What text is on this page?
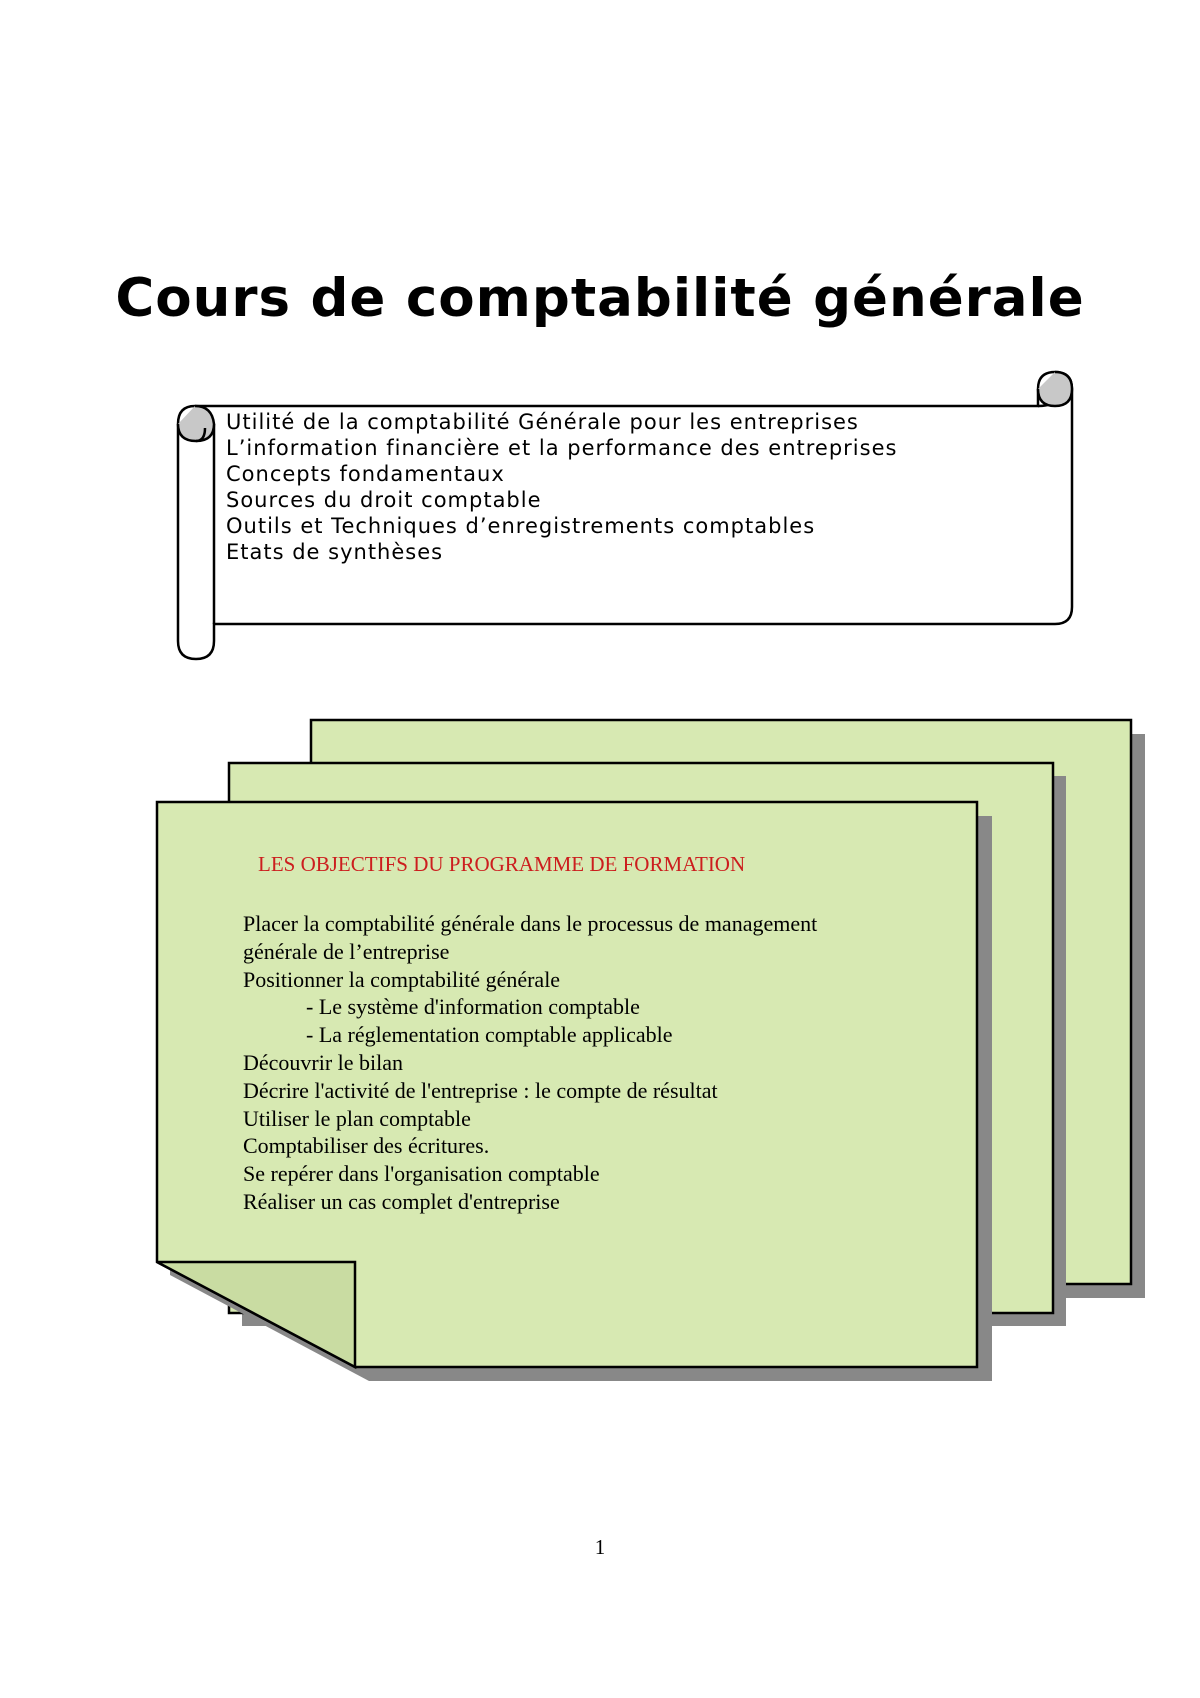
Cours de comptabilité générale
Utilité de la comptabilité Générale pour les entreprises
L’information financière et la performance des entreprises
Concepts fondamentaux
Sources du droit comptable
Outils et Techniques d’enregistrements comptables
Etats de synthèses
LES OBJECTIFS DU PROGRAMME DE FORMATION
Placer la comptabilité générale dans le processus de management
générale de l’entreprise
Positionner la comptabilité générale
- Le système d'information comptable
- La réglementation comptable applicable
Découvrir le bilan
Décrire l'activité de l'entreprise : le compte de résultat
Utiliser le plan comptable
Comptabiliser des écritures.
Se repérer dans l'organisation comptable
Réaliser un cas complet d'entreprise
1
